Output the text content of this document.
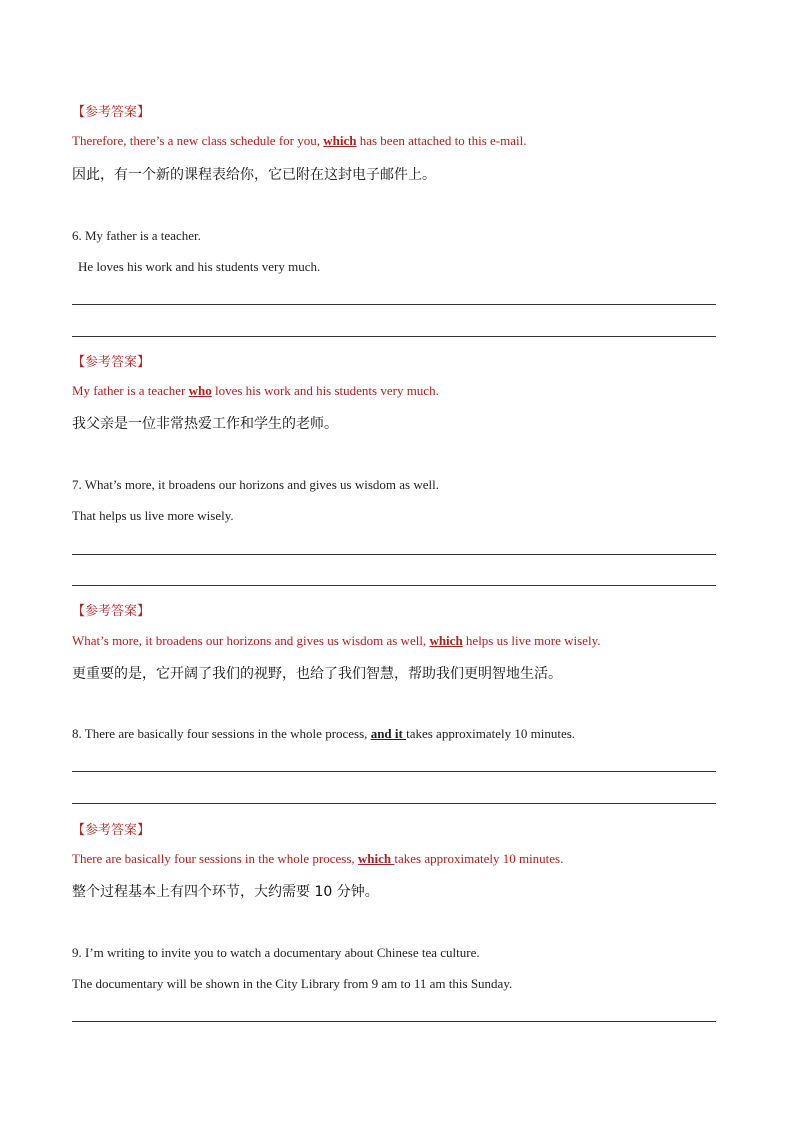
【参考答案】
Therefore, there’s a new class schedule for you, which has been attached to this e-mail.
因此，有一个新的课程表给你，它已附在这封电子邮件上。
6. My father is a teacher.
He loves his work and his students very much.
【参考答案】
My father is a teacher who loves his work and his students very much.
我父亲是一位非常热爱工作和学生的老师。
7. What’s more, it broadens our horizons and gives us wisdom as well.
That helps us live more wisely.
【参考答案】
What’s more, it broadens our horizons and gives us wisdom as well, which helps us live more wisely.
更重要的是，它开阔了我们的视野，也给了我们智慧，帮助我们更明智地生活。
8. There are basically four sessions in the whole process, and it takes approximately 10 minutes.
【参考答案】
There are basically four sessions in the whole process, which takes approximately 10 minutes.
整个过程基本上有四个环节，大约需要 10 分钟。
9. I’m writing to invite you to watch a documentary about Chinese tea culture.
The documentary will be shown in the City Library from 9 am to 11 am this Sunday.
